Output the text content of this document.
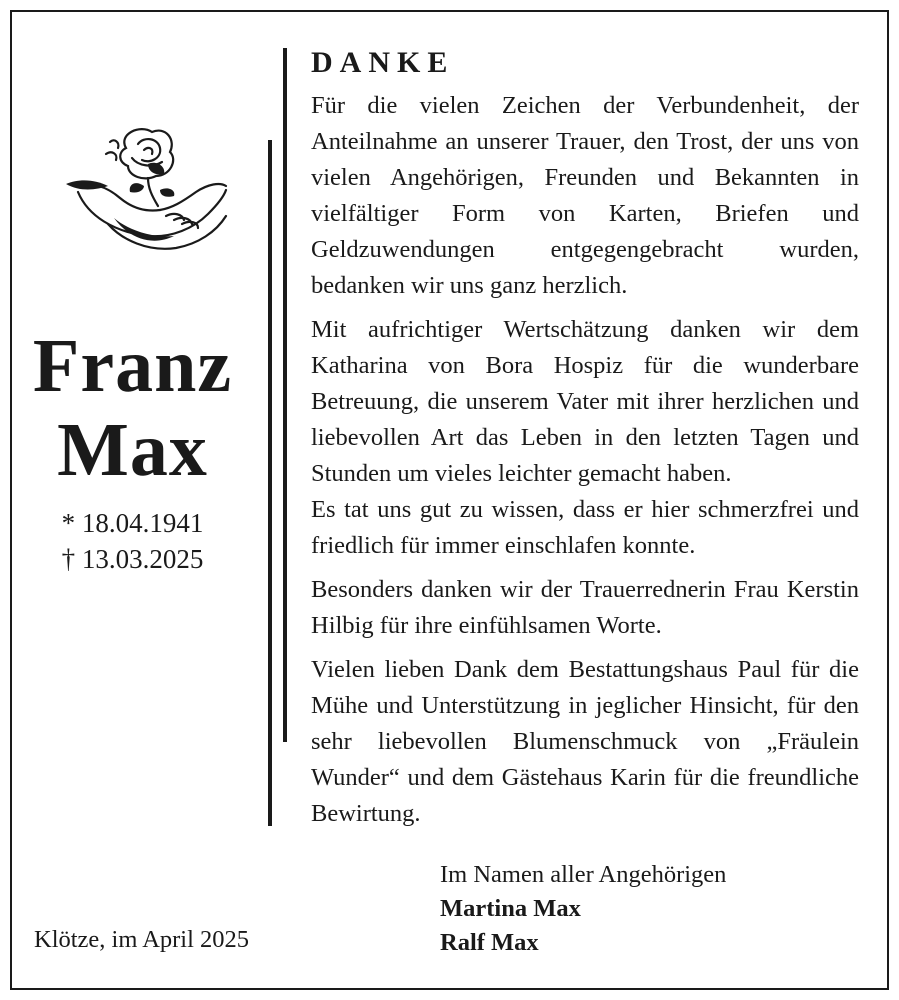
Franz
Max
* 18.04.1941
† 13.03.2025
DANKE

Für die vielen Zeichen der Verbundenheit, der Anteilnahme an unserer Trauer, den Trost, der uns von vielen Angehörigen, Freunden und Bekannten in vielfältiger Form von Karten, Briefen und Geldzuwendungen entgegengebracht wurden, bedanken wir uns ganz herzlich.

Mit aufrichtiger Wertschätzung danken wir dem Katharina von Bora Hospiz für die wunderbare Betreuung, die unserem Vater mit ihrer herzlichen und liebevollen Art das Leben in den letzten Tagen und Stunden um vieles leichter gemacht haben.

Es tat uns gut zu wissen, dass er hier schmerzfrei und friedlich für immer einschlafen konnte.

Besonders danken wir der Trauerrednerin Frau Kerstin Hilbig für ihre einfühlsamen Worte.

Vielen lieben Dank dem Bestattungshaus Paul für die Mühe und Unterstützung in jeglicher Hinsicht, für den sehr liebevollen Blumenschmuck von „Fräulein Wunder“ und dem Gästehaus Karin für die freundliche Bewirtung.

Im Namen aller Angehörigen
Martina Max
Ralf Max
Klötze, im April 2025
